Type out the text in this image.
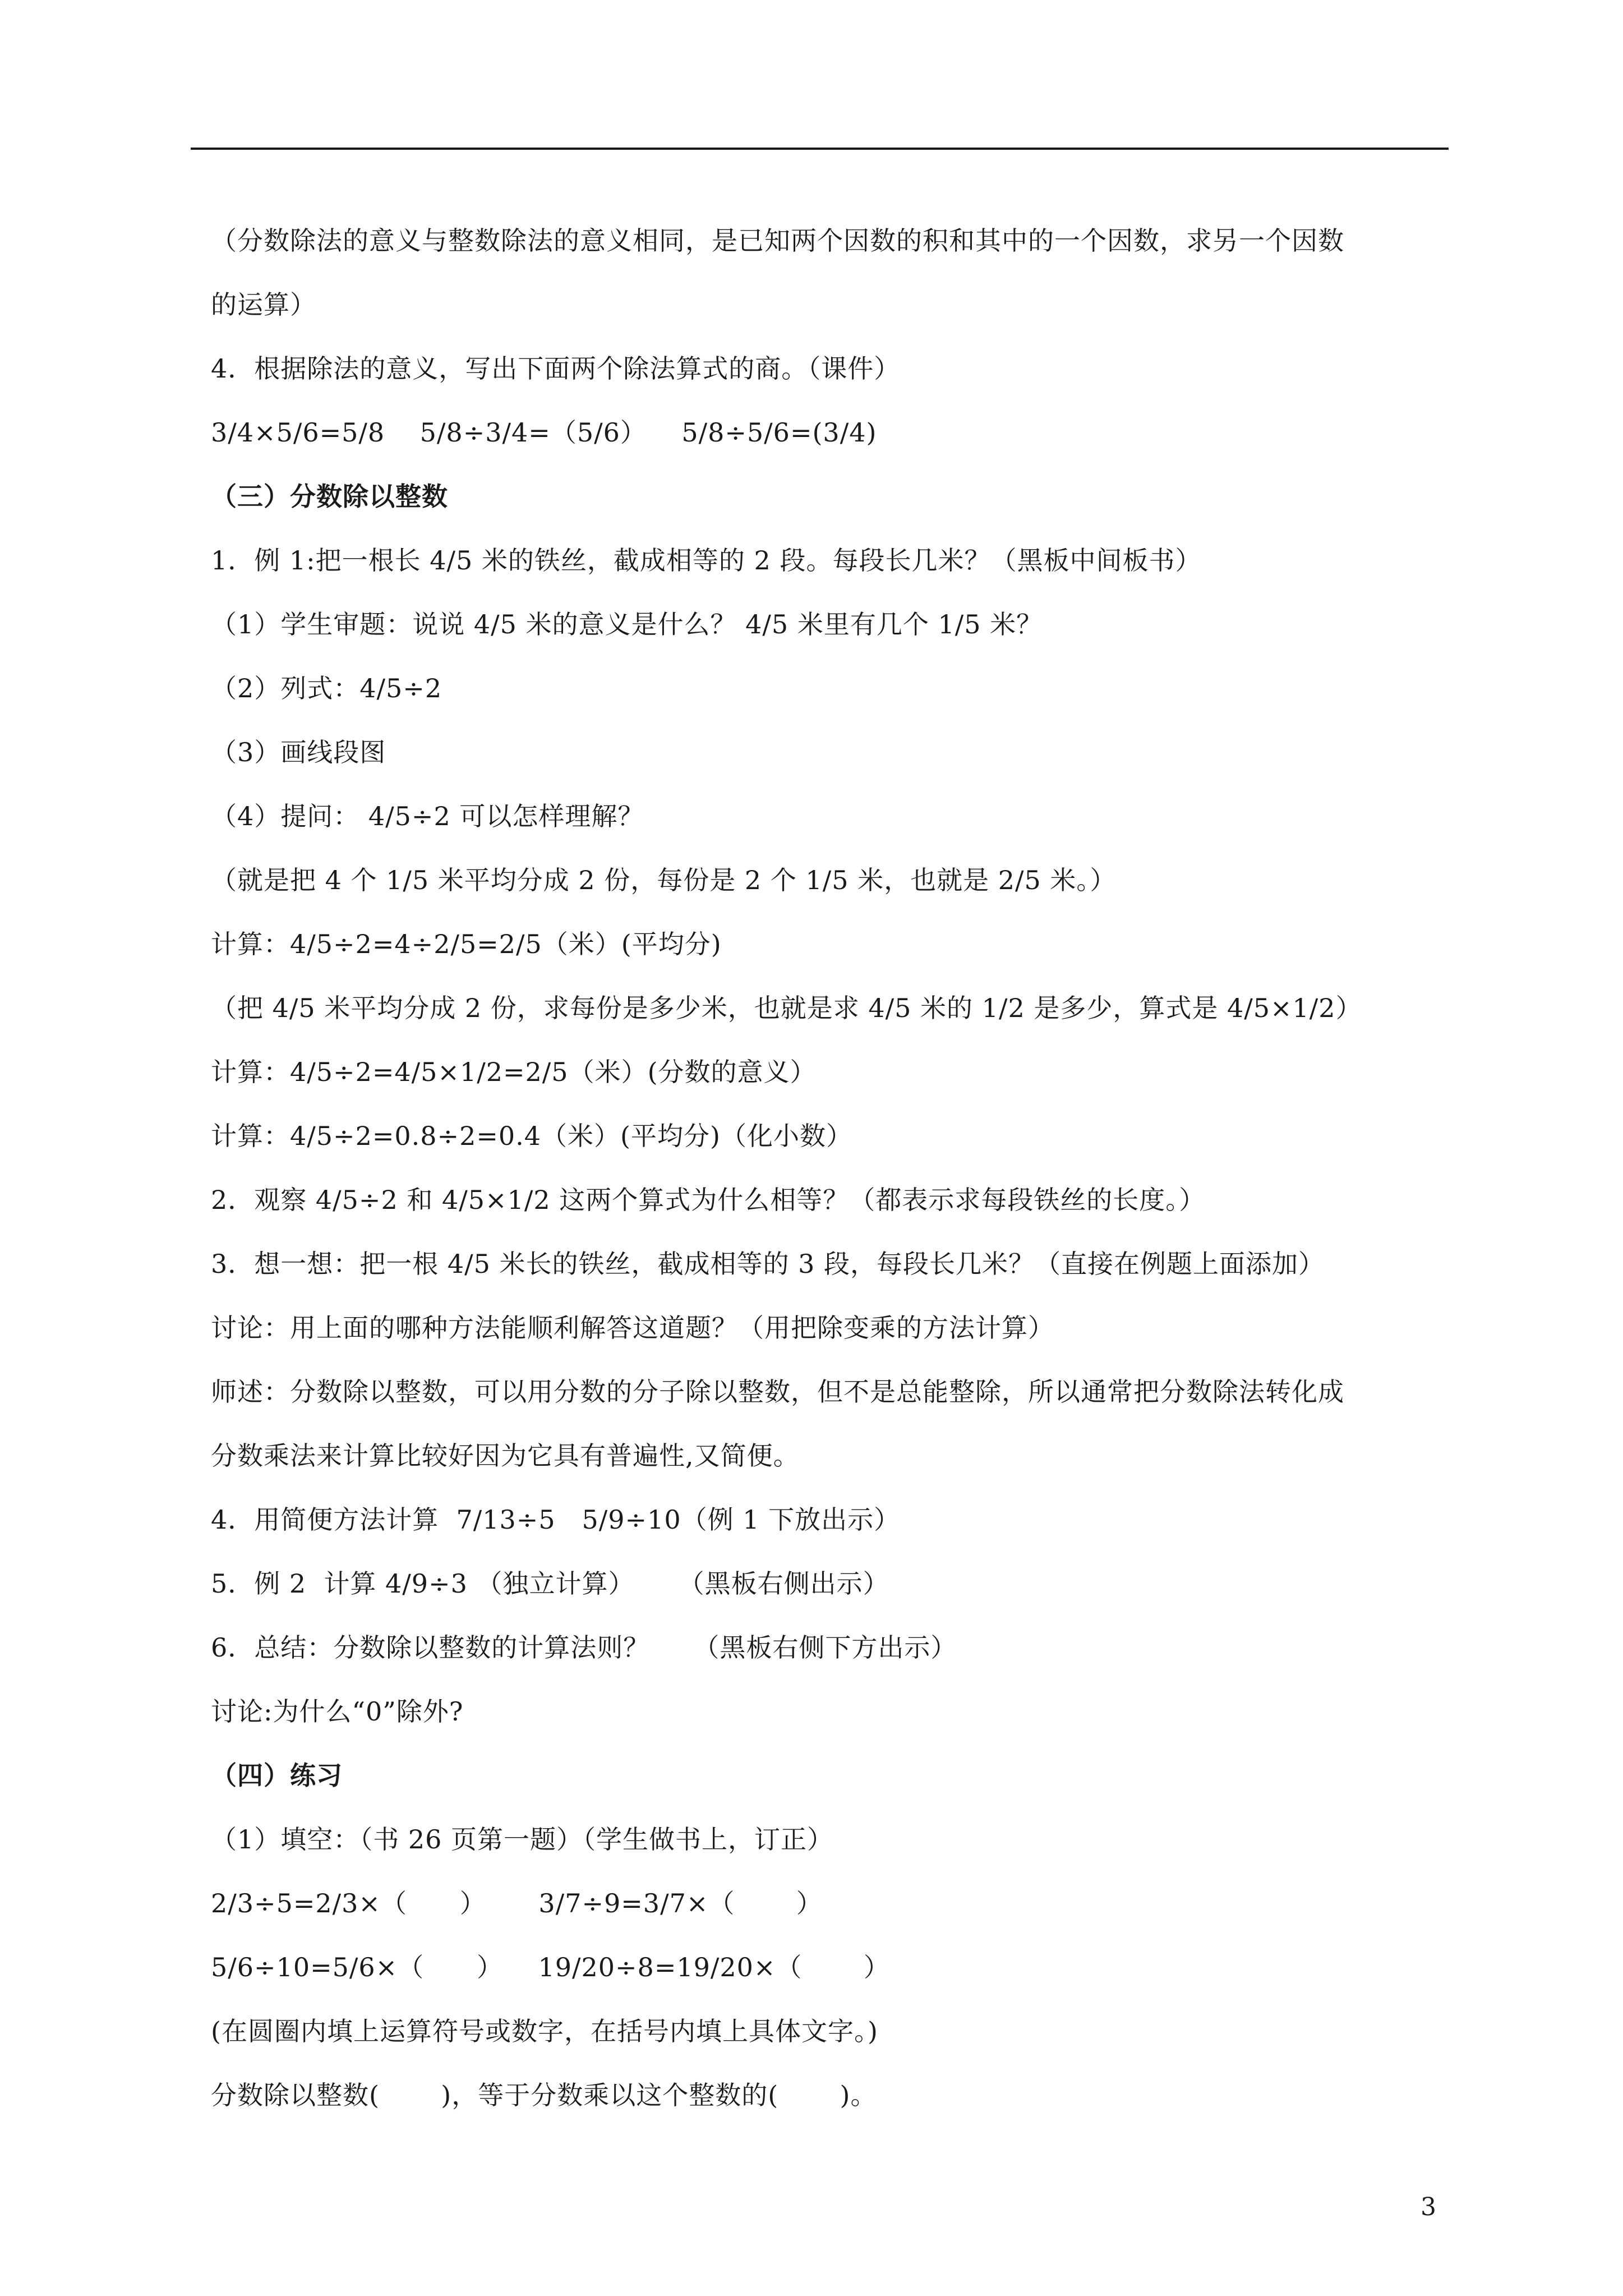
（分数除法的意义与整数除法的意义相同，是已知两个因数的积和其中的一个因数，求另一个因数
的运算）
4．根据除法的意义，写出下面两个除法算式的商。（课件）
3/4×5/6=5/8    5/8÷3/4=（5/6）    5/8÷5/6=(3/4)
（三）分数除以整数
1．例 1:把一根长 4/5 米的铁丝，截成相等的 2 段。每段长几米？（黑板中间板书）
（1）学生审题：说说 4/5 米的意义是什么？ 4/5 米里有几个 1/5 米？
（2）列式：4/5÷2
（3）画线段图
（4）提问： 4/5÷2 可以怎样理解？
（就是把 4 个 1/5 米平均分成 2 份，每份是 2 个 1/5 米，也就是 2/5 米。）
计算：4/5÷2=4÷2/5=2/5（米）(平均分)
（把 4/5 米平均分成 2 份，求每份是多少米，也就是求 4/5 米的 1/2 是多少，算式是 4/5×1/2）
计算：4/5÷2=4/5×1/2=2/5（米）(分数的意义）
计算：4/5÷2=0.8÷2=0.4（米）(平均分)（化小数）
2．观察 4/5÷2 和 4/5×1/2 这两个算式为什么相等？（都表示求每段铁丝的长度。）
3．想一想：把一根 4/5 米长的铁丝，截成相等的 3 段，每段长几米？（直接在例题上面添加）
讨论：用上面的哪种方法能顺利解答这道题？（用把除变乘的方法计算）
师述：分数除以整数，可以用分数的分子除以整数，但不是总能整除，所以通常把分数除法转化成
分数乘法来计算比较好因为它具有普遍性,又简便。
4．用简便方法计算  7/13÷5   5/9÷10（例 1 下放出示）
5．例 2  计算 4/9÷3 （独立计算）     （黑板右侧出示）
6．总结：分数除以整数的计算法则？     （黑板右侧下方出示）
讨论:为什么“0”除外?
（四）练习
（1）填空：（书 26 页第一题）（学生做书上，订正）
2/3÷5=2/3×（      ）      3/7÷9=3/7×（       ）
5/6÷10=5/6×（      ）    19/20÷8=19/20×（       ）
(在圆圈内填上运算符号或数字，在括号内填上具体文字。)
分数除以整数(       )，等于分数乘以这个整数的(       )。
3
